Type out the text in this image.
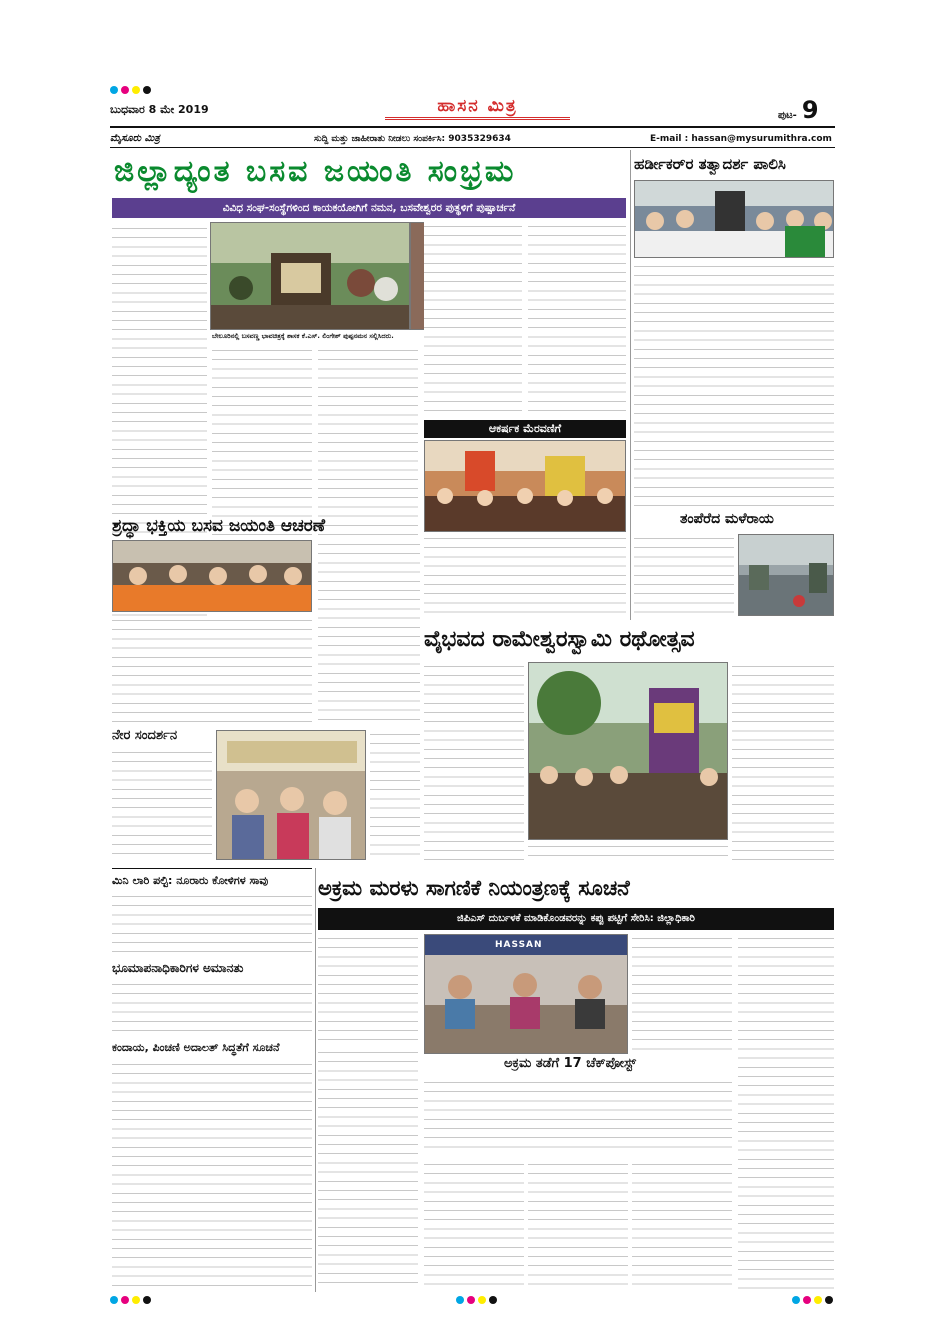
ಬುಧವಾರ 8 ಮೇ 2019	ಹಾಸನ ಮಿತ್ರ	ಪುಟ- 9
ಮೈಸೂರು ಮಿತ್ರ	ಸುದ್ದಿ ಮತ್ತು ಜಾಹೀರಾತು ನೀಡಲು ಸಂಪರ್ಕಿಸಿ: 9035329634	E-mail : hassan@mysurumithra.com
ಜಿಲ್ಲಾದ್ಯಂತ ಬಸವ ಜಯಂತಿ ಸಂಭ್ರಮ
ವಿವಿಧ ಸಂಘ-ಸಂಸ್ಥೆಗಳಿಂದ ಕಾಯಕಯೋಗಿಗೆ ನಮನ, ಬಸವೇಶ್ವರರ ಪುತ್ಥಳಿಗೆ ಪುಷ್ಪಾರ್ಚನೆ
ಬೇಲೂರಿನಲ್ಲಿ ಬಸವಣ್ಣ ಭಾವಚಿತ್ರಕ್ಕೆ ಶಾಸಕ ಕೆ.ಎಸ್. ಲಿಂಗೇಶ್ ಪುಷ್ಪನಮನ ಸಲ್ಲಿಸಿದರು.
ಆಕರ್ಷಕ ಮೆರವಣಿಗೆ
ಹರ್ಡೀಕರ್‌ರ ತತ್ವಾದರ್ಶ ಪಾಲಿಸಿ
ತಂಪೆರೆದ ಮಳೆರಾಯ
ಶ್ರದ್ಧಾ ಭಕ್ತಿಯ ಬಸವ ಜಯಂತಿ ಆಚರಣೆ
ವೈಭವದ ರಾಮೇಶ್ವರಸ್ವಾಮಿ ರಥೋತ್ಸವ
ನೇರ ಸಂದರ್ಶನ
ಮಿನಿ ಲಾರಿ ಪಲ್ಟಿ: ನೂರಾರು ಕೋಳಿಗಳ ಸಾವು
ಭೂಮಾಪನಾಧಿಕಾರಿಗಳ ಅಮಾನತು
ಕಂದಾಯ, ಪಿಂಚಣಿ ಅದಾಲತ್ ಸಿದ್ಧತೆಗೆ ಸೂಚನೆ
ಅಕ್ರಮ ಮರಳು ಸಾಗಣಿಕೆ ನಿಯಂತ್ರಣಕ್ಕೆ ಸೂಚನೆ
ಜಿಪಿಎಸ್ ದುರ್ಬಳಕೆ ಮಾಡಿಕೊಂಡವರನ್ನು ಕಪ್ಪು ಪಟ್ಟಿಗೆ ಸೇರಿಸಿ: ಜಿಲ್ಲಾಧಿಕಾರಿ
HASSAN
ಅಕ್ರಮ ತಡೆಗೆ 17 ಚೆಕ್‌ಪೋಸ್ಟ್
